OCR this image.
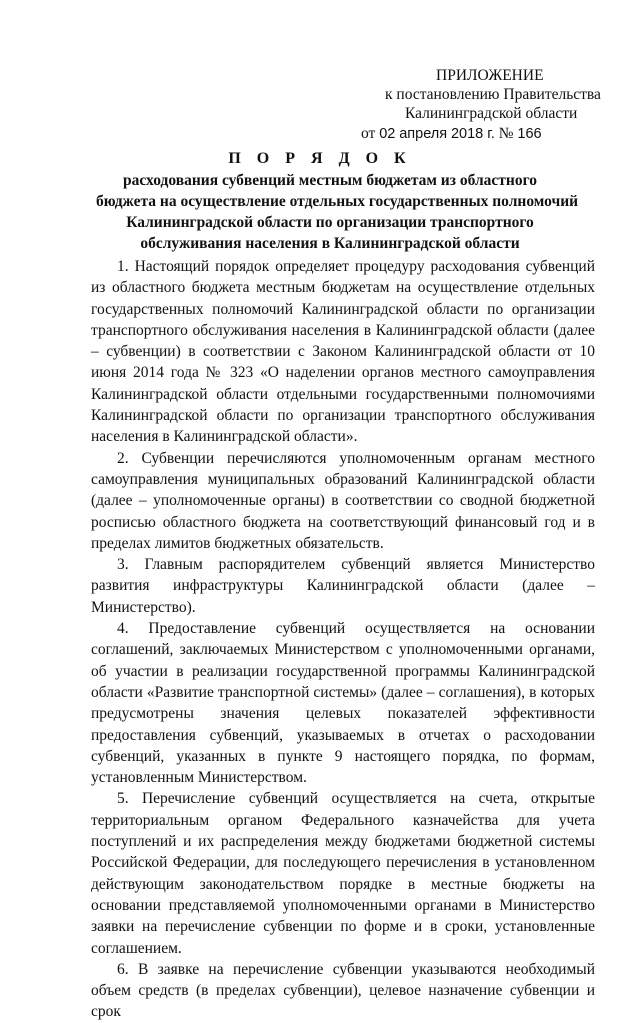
ПРИЛОЖЕНИЕ
к постановлению Правительства
Калининградской области
от 02 апреля 2018 г. № 166
П О Р Я Д О К
расходования субвенций местным бюджетам из областного
бюджета на осуществление отдельных государственных полномочий
Калининградской области по организации транспортного
обслуживания населения в Калининградской области

1. Настоящий порядок определяет процедуру расходования субвенций из областного бюджета местным бюджетам на осуществление отдельных государственных полномочий Калининградской области по организации транспортного обслуживания населения в Калининградской области (далее – субвенции) в соответствии с Законом Калининградской области от 10 июня 2014 года № 323 «О наделении органов местного самоуправления Калининградской области отдельными государственными полномочиями Калининградской области по организации транспортного обслуживания населения в Калининградской области».

2. Субвенции перечисляются уполномоченным органам местного самоуправления муниципальных образований Калининградской области (далее – уполномоченные органы) в соответствии со сводной бюджетной росписью областного бюджета на соответствующий финансовый год и в пределах лимитов бюджетных обязательств.

3. Главным распорядителем субвенций является Министерство развития инфраструктуры Калининградской области (далее – Министерство).

4. Предоставление субвенций осуществляется на основании соглашений, заключаемых Министерством с уполномоченными органами, об участии в реализации государственной программы Калининградской области «Развитие транспортной системы» (далее – соглашения), в которых предусмотрены значения целевых показателей эффективности предоставления субвенций, указываемых в отчетах о расходовании субвенций, указанных в пункте 9 настоящего порядка, по формам, установленным Министерством.

5. Перечисление субвенций осуществляется на счета, открытые территориальным органом Федерального казначейства для учета поступлений и их распределения между бюджетами бюджетной системы Российской Федерации, для последующего перечисления в установленном действующим законодательством порядке в местные бюджеты на основании представляемой уполномоченными органами в Министерство заявки на перечисление субвенции по форме и в сроки, установленные соглашением.

6. В заявке на перечисление субвенции указываются необходимый объем средств (в пределах субвенции), целевое назначение субвенции и срок
